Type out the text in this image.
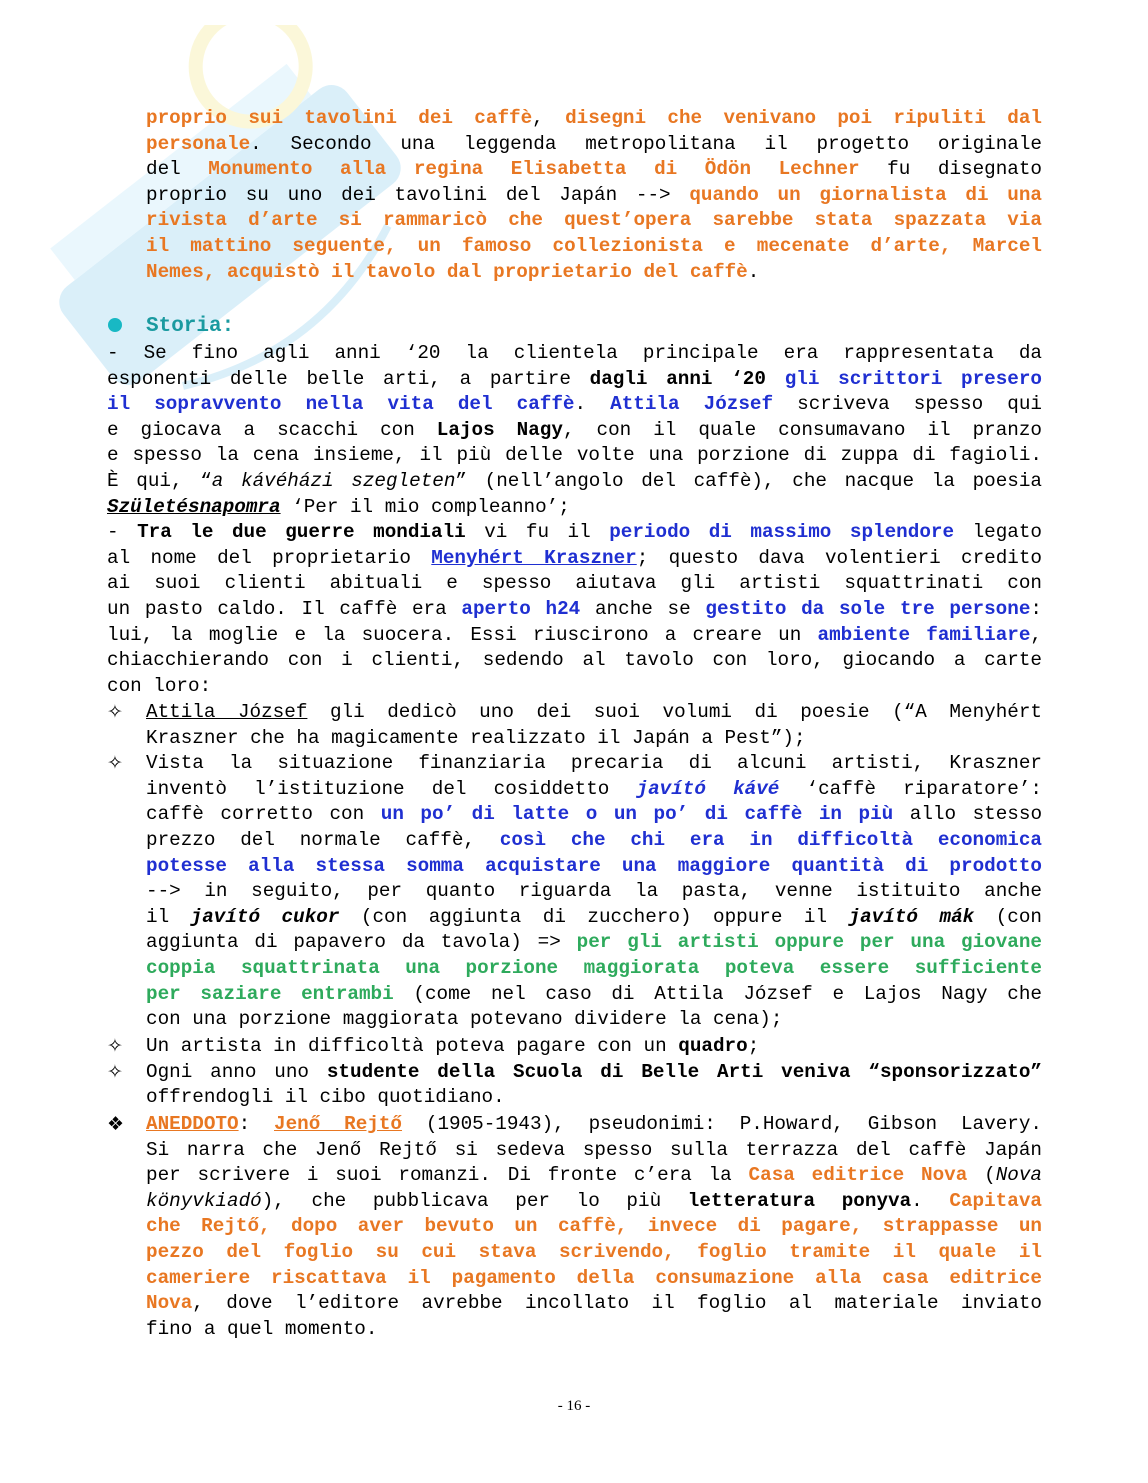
proprio sui tavolini dei caffè, disegni che venivano poi ripuliti dal
personale. Secondo una leggenda metropolitana il progetto originale
del Monumento alla regina Elisabetta di Ödön Lechner fu disegnato
proprio su uno dei tavolini del Japán --> quando un giornalista di una
rivista d’arte si rammaricò che quest’opera sarebbe stata spazzata via
il mattino seguente, un famoso collezionista e mecenate d’arte, Marcel
Nemes, acquistò il tavolo dal proprietario del caffè.
Storia:
- Se fino agli anni ‘20 la clientela principale era rappresentata da
esponenti delle belle arti, a partire dagli anni ‘20 gli scrittori presero
il sopravvento nella vita del caffè. Attila József scriveva spesso qui
e giocava a scacchi con Lajos Nagy, con il quale consumavano il pranzo
e spesso la cena insieme, il più delle volte una porzione di zuppa di fagioli.
È qui, “a kávéházi szegleten” (nell’angolo del caffè), che nacque la poesia
Születésnapomra ‘Per il mio compleanno’;
- Tra le due guerre mondiali vi fu il periodo di massimo splendore legato
al nome del proprietario Menyhért Kraszner; questo dava volentieri credito
ai suoi clienti abituali e spesso aiutava gli artisti squattrinati con
un pasto caldo. Il caffè era aperto h24 anche se gestito da sole tre persone:
lui, la moglie e la suocera. Essi riuscirono a creare un ambiente familiare,
chiacchierando con i clienti, sedendo al tavolo con loro, giocando a carte
con loro:
✧	Attila József gli dedicò uno dei suoi volumi di poesie (“A Menyhért
Kraszner che ha magicamente realizzato il Japán a Pest”);
✧	Vista la situazione finanziaria precaria di alcuni artisti, Kraszner
inventò l’istituzione del cosiddetto javító kávé ‘caffè riparatore’:
caffè corretto con un po’ di latte o un po’ di caffè in più allo stesso
prezzo del normale caffè, così che chi era in difficoltà economica
potesse alla stessa somma acquistare una maggiore quantità di prodotto
--> in seguito, per quanto riguarda la pasta, venne istituito anche
il javító cukor (con aggiunta di zucchero) oppure il javító mák (con
aggiunta di papavero da tavola) => per gli artisti oppure per una giovane
coppia squattrinata una porzione maggiorata poteva essere sufficiente
per saziare entrambi (come nel caso di Attila József e Lajos Nagy che
con una porzione maggiorata potevano dividere la cena);
✧	Un artista in difficoltà poteva pagare con un quadro;
✧	Ogni anno uno studente della Scuola di Belle Arti veniva “sponsorizzato”
offrendogli il cibo quotidiano.
❖	ANEDDOTO: Jenő Rejtő (1905-1943), pseudonimi: P.Howard, Gibson Lavery.
Si narra che Jenő Rejtő si sedeva spesso sulla terrazza del caffè Japán
per scrivere i suoi romanzi. Di fronte c’era la Casa editrice Nova (Nova
könyvkiadó), che pubblicava per lo più letteratura ponyva. Capitava
che Rejtő, dopo aver bevuto un caffè, invece di pagare, strappasse un
pezzo del foglio su cui stava scrivendo, foglio tramite il quale il
cameriere riscattava il pagamento della consumazione alla casa editrice
Nova, dove l’editore avrebbe incollato il foglio al materiale inviato
fino a quel momento.
- 16 -
